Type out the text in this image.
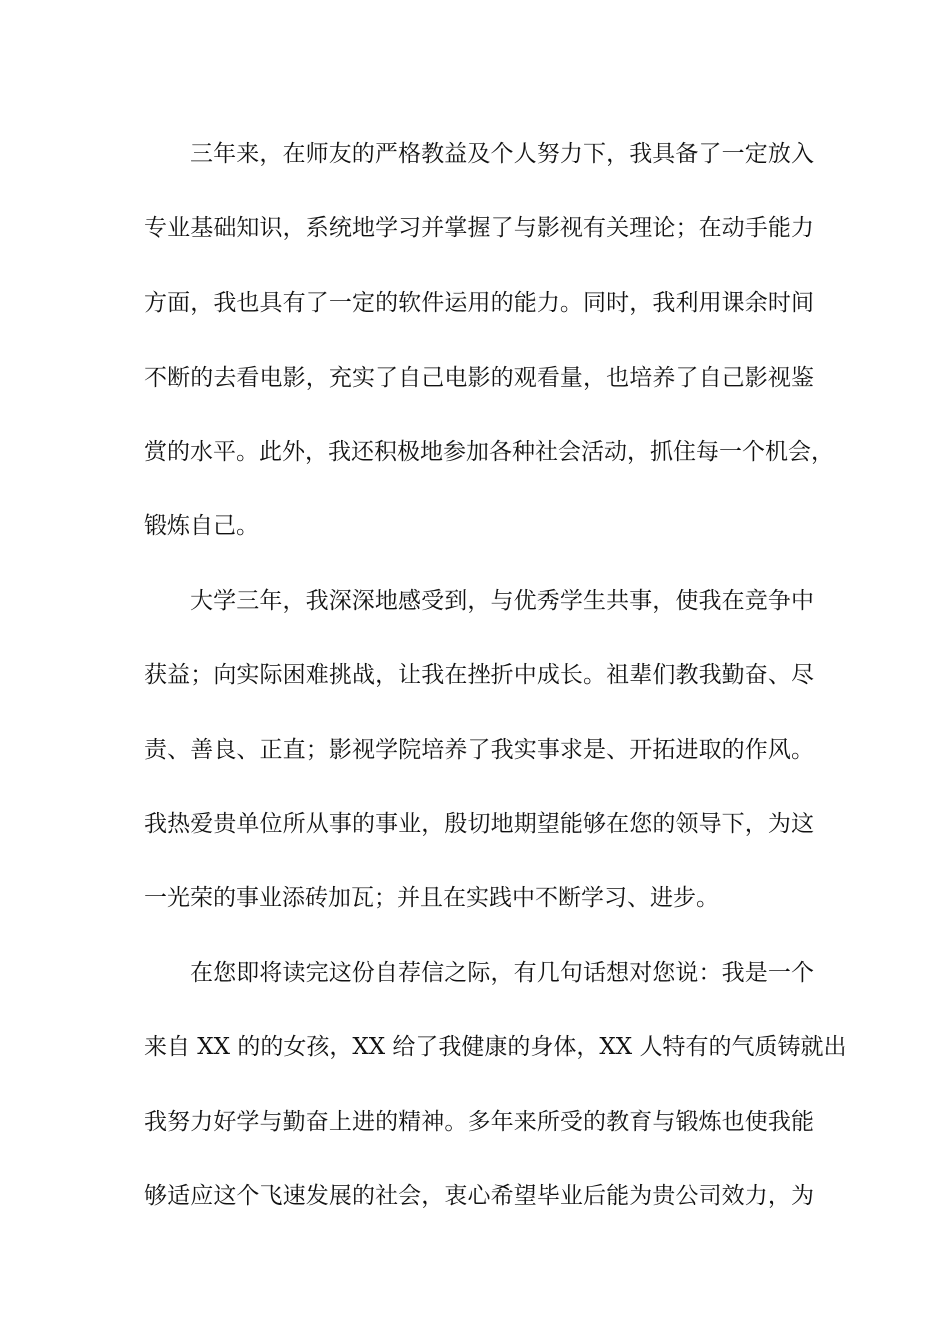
三年来，在师友的严格教益及个人努力下，我具备了一定放入
专业基础知识，系统地学习并掌握了与影视有关理论；在动手能力
方面，我也具有了一定的软件运用的能力。同时，我利用课余时间
不断的去看电影，充实了自己电影的观看量，也培养了自己影视鉴
赏的水平。此外，我还积极地参加各种社会活动，抓住每一个机会，
锻炼自己。
大学三年，我深深地感受到，与优秀学生共事，使我在竞争中
获益；向实际困难挑战，让我在挫折中成长。祖辈们教我勤奋、尽
责、善良、正直；影视学院培养了我实事求是、开拓进取的作风。
我热爱贵单位所从事的事业，殷切地期望能够在您的领导下，为这
一光荣的事业添砖加瓦；并且在实践中不断学习、进步。
在您即将读完这份自荐信之际，有几句话想对您说：我是一个
来自 XX 的的女孩，XX 给了我健康的身体，XX 人特有的气质铸就出
我努力好学与勤奋上进的精神。多年来所受的教育与锻炼也使我能
够适应这个飞速发展的社会，衷心希望毕业后能为贵公司效力，为
